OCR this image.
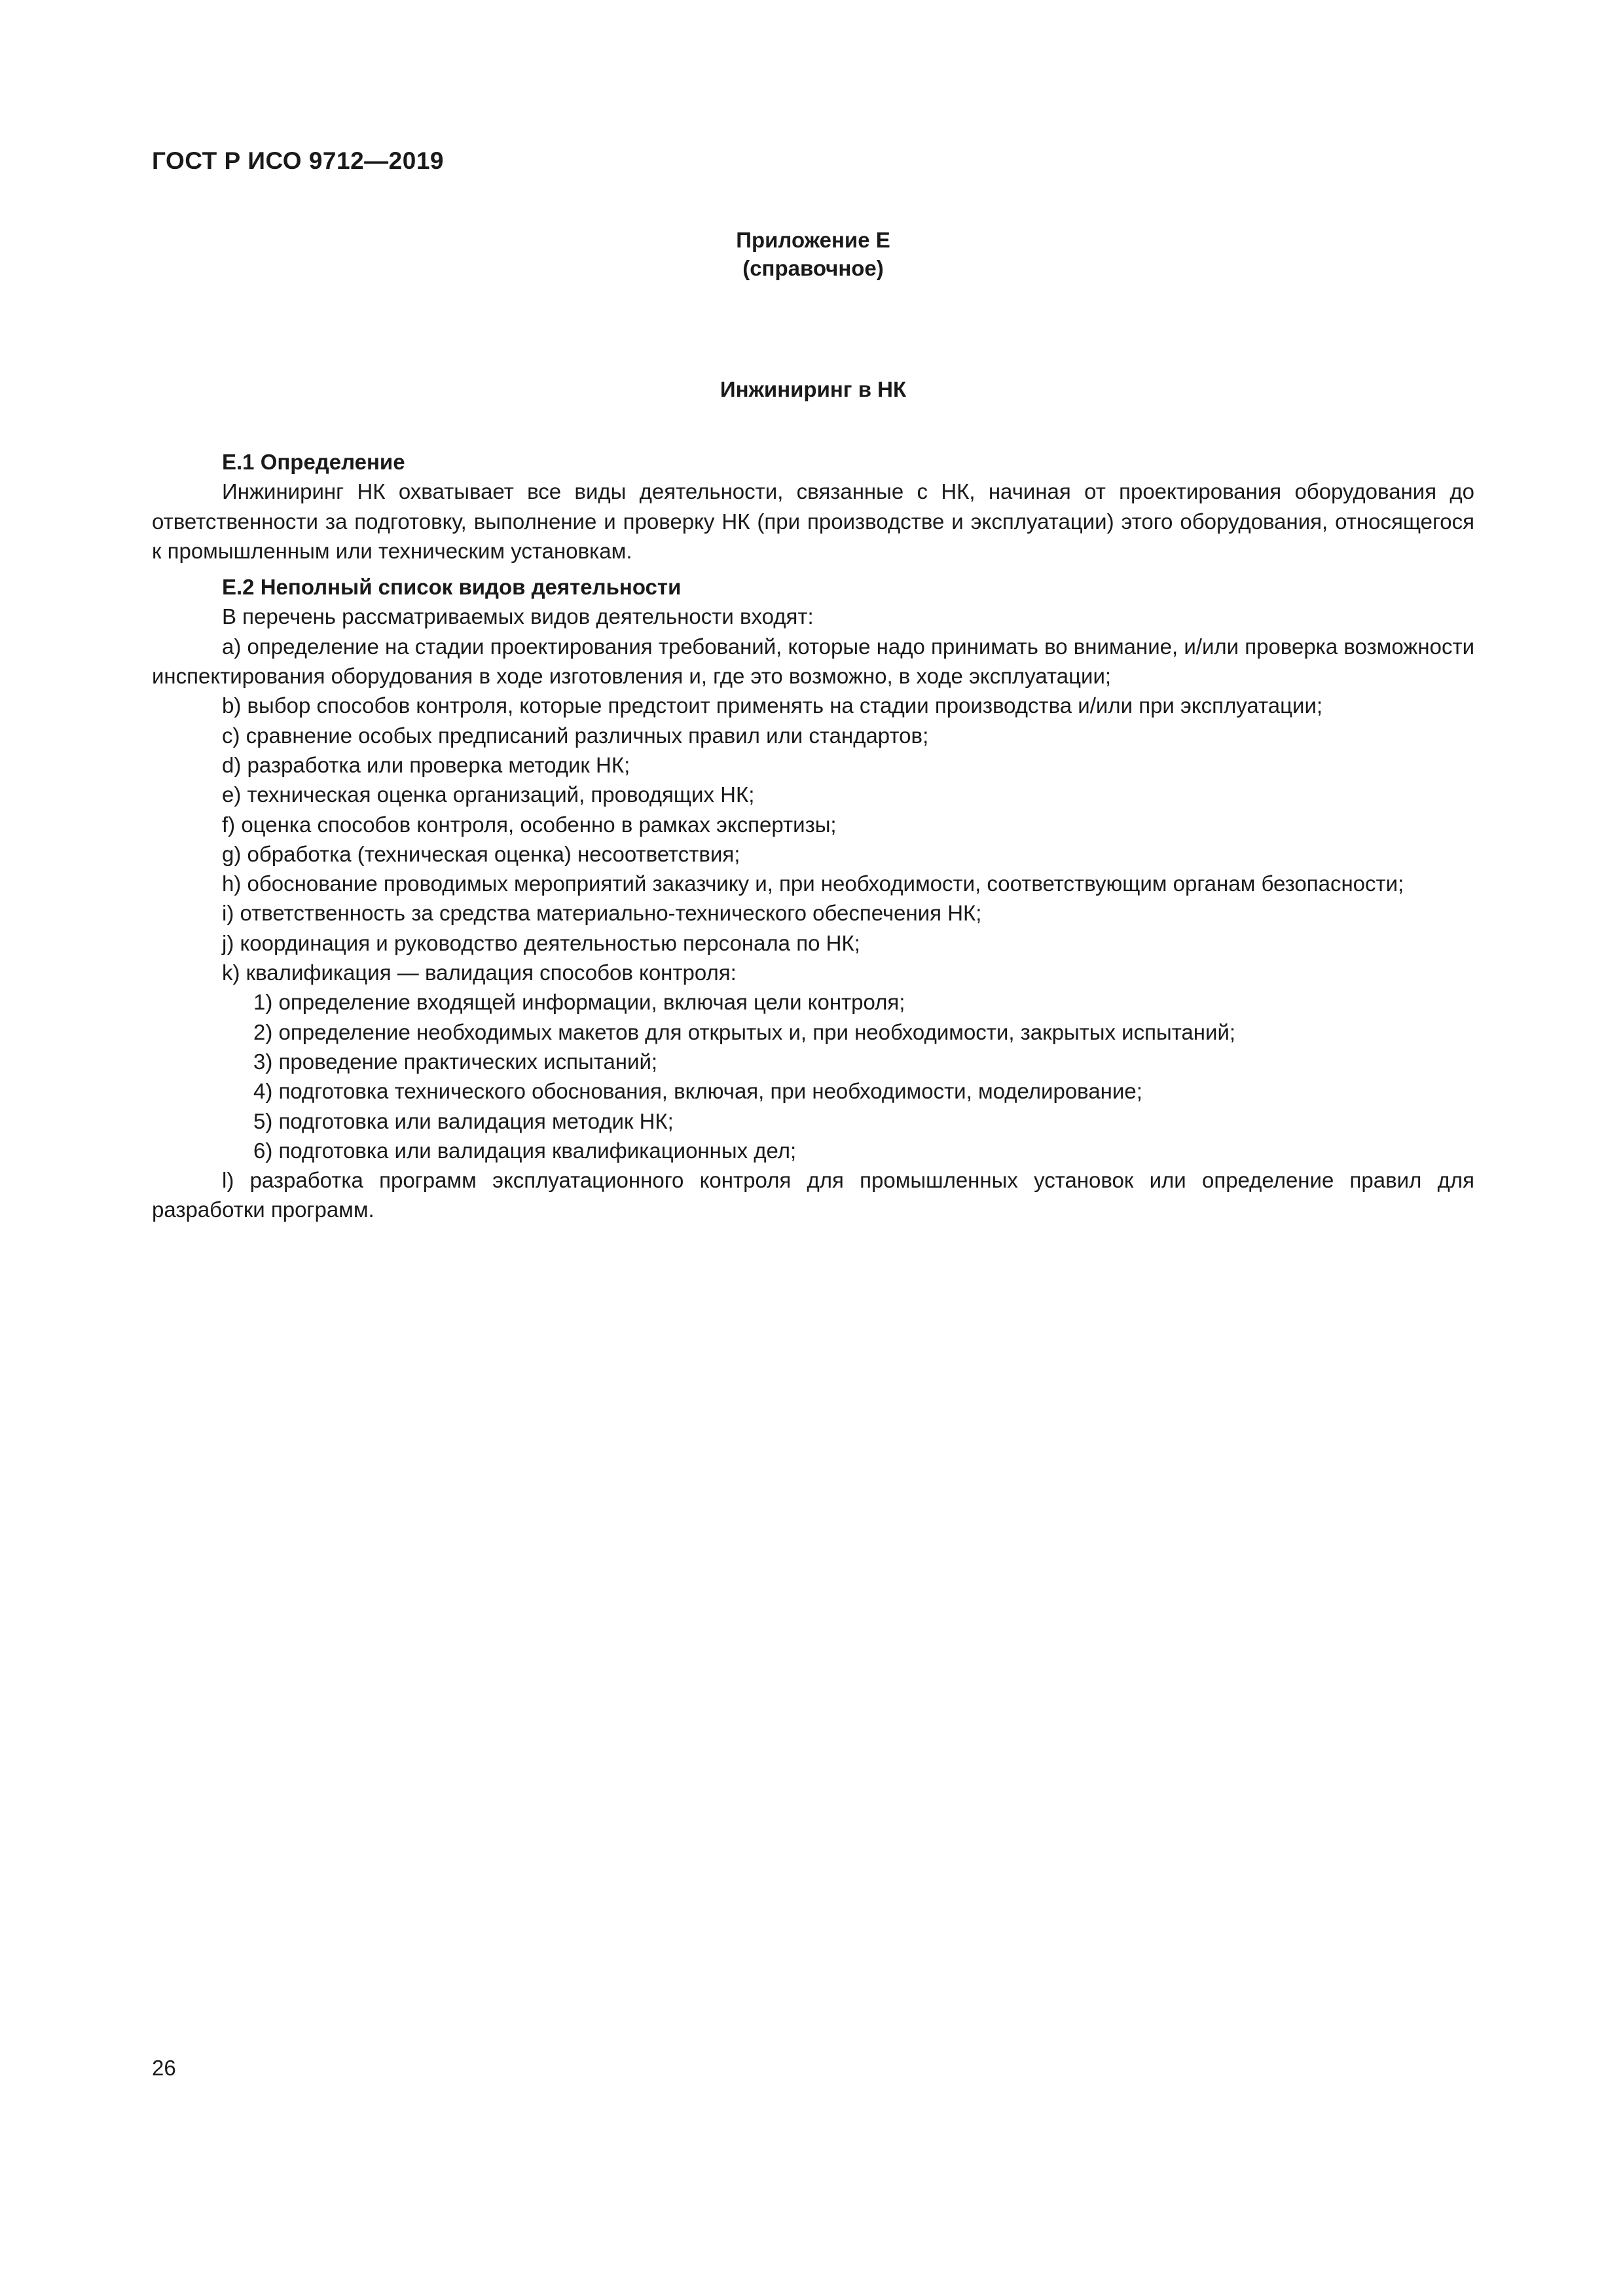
ГОСТ Р ИСО 9712—2019
Приложение Е
(справочное)
Инжиниринг в НК
Е.1 Определение

Инжиниринг НК охватывает все виды деятельности, связанные с НК, начиная от проектирования оборудования до ответственности за подготовку, выполнение и проверку НК (при производстве и эксплуатации) этого оборудования, относящегося к промышленным или техническим установкам.

Е.2 Неполный список видов деятельности

В перечень рассматриваемых видов деятельности входят:

а) определение на стадии проектирования требований, которые надо принимать во внимание, и/или проверка возможности инспектирования оборудования в ходе изготовления и, где это возможно, в ходе эксплуатации;

b) выбор способов контроля, которые предстоит применять на стадии производства и/или при эксплуатации;

c) сравнение особых предписаний различных правил или стандартов;

d) разработка или проверка методик НК;

е) техническая оценка организаций, проводящих НК;

f) оценка способов контроля, особенно в рамках экспертизы;

g) обработка (техническая оценка) несоответствия;

h) обоснование проводимых мероприятий заказчику и, при необходимости, соответствующим органам безопасности;

i) ответственность за средства материально-технического обеспечения НК;

j) координация и руководство деятельностью персонала по НК;

k) квалификация — валидация способов контроля:

1) определение входящей информации, включая цели контроля;

2) определение необходимых макетов для открытых и, при необходимости, закрытых испытаний;

3) проведение практических испытаний;

4) подготовка технического обоснования, включая, при необходимости, моделирование;

5) подготовка или валидация методик НК;

6) подготовка или валидация квалификационных дел;

l) разработка программ эксплуатационного контроля для промышленных установок или определение правил для разработки программ.

26
